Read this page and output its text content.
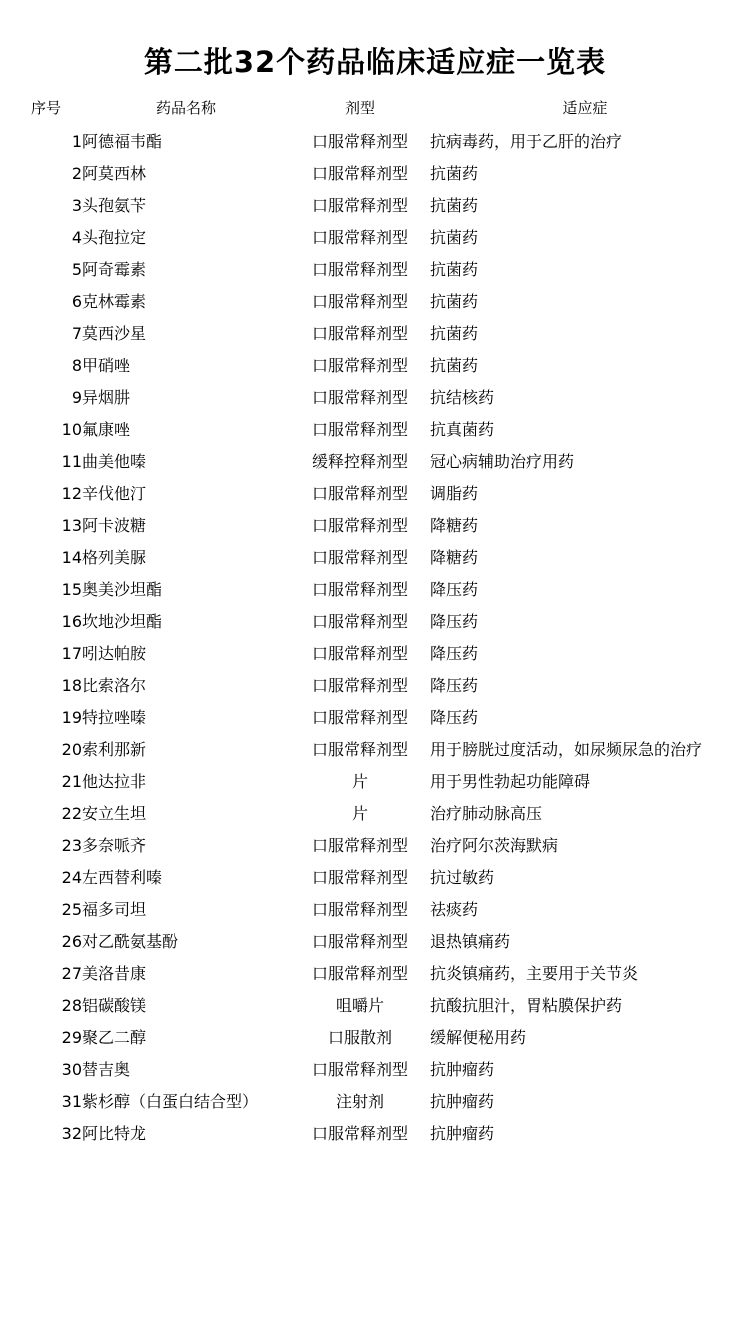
第二批32个药品临床适应症一览表
序号	药品名称	剂型	适应症
1	阿德福韦酯	口服常释剂型	抗病毒药，用于乙肝的治疗
2	阿莫西林	口服常释剂型	抗菌药
3	头孢氨苄	口服常释剂型	抗菌药
4	头孢拉定	口服常释剂型	抗菌药
5	阿奇霉素	口服常释剂型	抗菌药
6	克林霉素	口服常释剂型	抗菌药
7	莫西沙星	口服常释剂型	抗菌药
8	甲硝唑	口服常释剂型	抗菌药
9	异烟肼	口服常释剂型	抗结核药
10	氟康唑	口服常释剂型	抗真菌药
11	曲美他嗪	缓释控释剂型	冠心病辅助治疗用药
12	辛伐他汀	口服常释剂型	调脂药
13	阿卡波糖	口服常释剂型	降糖药
14	格列美脲	口服常释剂型	降糖药
15	奥美沙坦酯	口服常释剂型	降压药
16	坎地沙坦酯	口服常释剂型	降压药
17	吲达帕胺	口服常释剂型	降压药
18	比索洛尔	口服常释剂型	降压药
19	特拉唑嗪	口服常释剂型	降压药
20	索利那新	口服常释剂型	用于膀胱过度活动，如尿频尿急的治疗
21	他达拉非	片	用于男性勃起功能障碍
22	安立生坦	片	治疗肺动脉高压
23	多奈哌齐	口服常释剂型	治疗阿尔茨海默病
24	左西替利嗪	口服常释剂型	抗过敏药
25	福多司坦	口服常释剂型	祛痰药
26	对乙酰氨基酚	口服常释剂型	退热镇痛药
27	美洛昔康	口服常释剂型	抗炎镇痛药，主要用于关节炎
28	铝碳酸镁	咀嚼片	抗酸抗胆汁，胃粘膜保护药
29	聚乙二醇	口服散剂	缓解便秘用药
30	替吉奥	口服常释剂型	抗肿瘤药
31	紫杉醇（白蛋白结合型）	注射剂	抗肿瘤药
32	阿比特龙	口服常释剂型	抗肿瘤药
